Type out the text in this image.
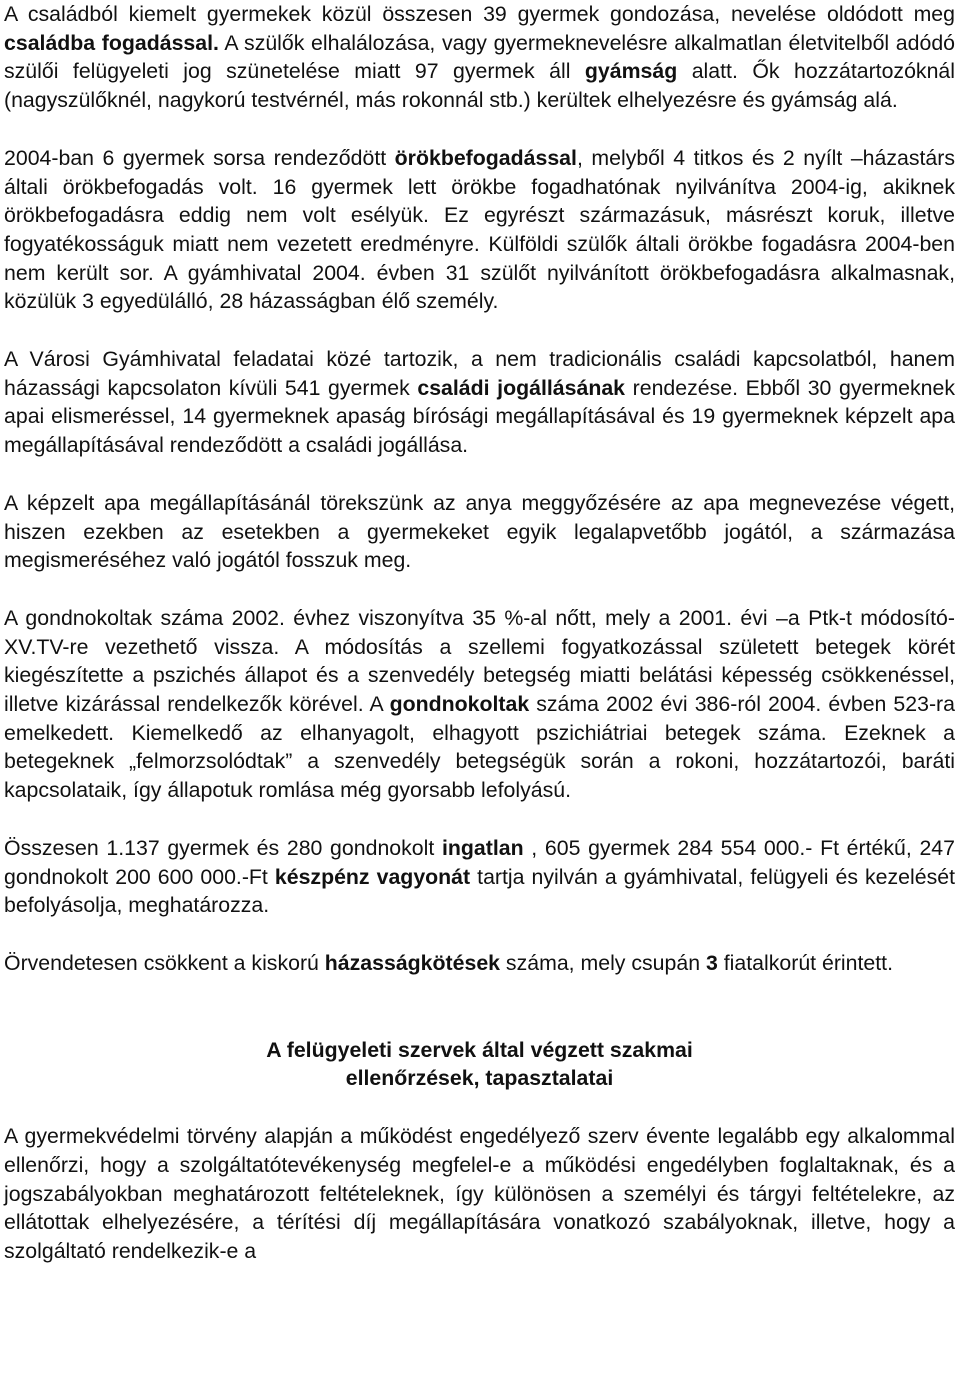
A családból kiemelt gyermekek közül összesen 39 gyermek gondozása, nevelése oldódott meg családba fogadással. A szülők elhalálozása, vagy gyermeknevelésre alkalmatlan életvitelből adódó szülői felügyeleti jog szünetelése miatt 97 gyermek áll gyámság alatt. Ők hozzátartozóknál (nagyszülőknél, nagykorú testvérnél, más rokonnál stb.) kerültek elhelyezésre és gyámság alá.

2004-ban 6 gyermek sorsa rendeződött örökbefogadással, melyből 4 titkos és 2 nyílt –házastárs általi örökbefogadás volt. 16 gyermek lett örökbe fogadhatónak nyilvánítva 2004-ig, akiknek örökbefogadásra eddig nem volt esélyük. Ez egyrészt származásuk, másrészt koruk, illetve fogyatékosságuk miatt nem vezetett eredményre. Külföldi szülők általi örökbe fogadásra 2004-ben nem került sor. A gyámhivatal 2004. évben 31 szülőt nyilvánított örökbefogadásra alkalmasnak, közülük 3 egyedülálló, 28 házasságban élő személy.

A Városi Gyámhivatal feladatai közé tartozik, a nem tradicionális családi kapcsolatból, hanem házassági kapcsolaton kívüli 541 gyermek családi jogállásának rendezése. Ebből 30 gyermeknek apai elismeréssel, 14 gyermeknek apaság bírósági megállapításával és 19 gyermeknek képzelt apa megállapításával rendeződött a családi jogállása.

A képzelt apa megállapításánál törekszünk az anya meggyőzésére az apa megnevezése végett, hiszen ezekben az esetekben a gyermekeket egyik legalapvetőbb jogától, a származása megismeréséhez való jogától fosszuk meg.

A gondnokoltak száma 2002. évhez viszonyítva 35 %-al nőtt, mely a 2001. évi –a Ptk-t módosító- XV.TV-re vezethető vissza. A módosítás a szellemi fogyatkozással született betegek körét kiegészítette a pszichés állapot és a szenvedély betegség miatti belátási képesség csökkenéssel, illetve kizárással rendelkezők körével. A gondnokoltak száma 2002 évi 386-ról 2004. évben 523-ra emelkedett. Kiemelkedő az elhanyagolt, elhagyott pszichiátriai betegek száma. Ezeknek a betegeknek „felmorzsolódtak” a szenvedély betegségük során a rokoni, hozzátartozói, baráti kapcsolataik, így állapotuk romlása még gyorsabb lefolyású.

Összesen 1.137 gyermek és 280 gondnokolt ingatlan , 605 gyermek 284 554 000.- Ft értékű, 247 gondnokolt 200 600 000.-Ft készpénz vagyonát tartja nyilván a gyámhivatal, felügyeli és kezelését befolyásolja, meghatározza.

Örvendetesen csökkent a kiskorú házasságkötések száma, mely csupán 3 fiatalkorút érintett.

A felügyeleti szervek által végzett szakmai
ellenőrzések, tapasztalatai

A gyermekvédelmi törvény alapján a működést engedélyező szerv évente legalább egy alkalommal ellenőrzi, hogy a szolgáltatótevékenység megfelel-e a működési engedélyben foglaltaknak, és a jogszabályokban meghatározott feltételeknek, így különösen a személyi és tárgyi feltételekre, az ellátottak elhelyezésére, a térítési díj megállapítására vonatkozó szabályoknak, illetve, hogy a szolgáltató rendelkezik-e a
